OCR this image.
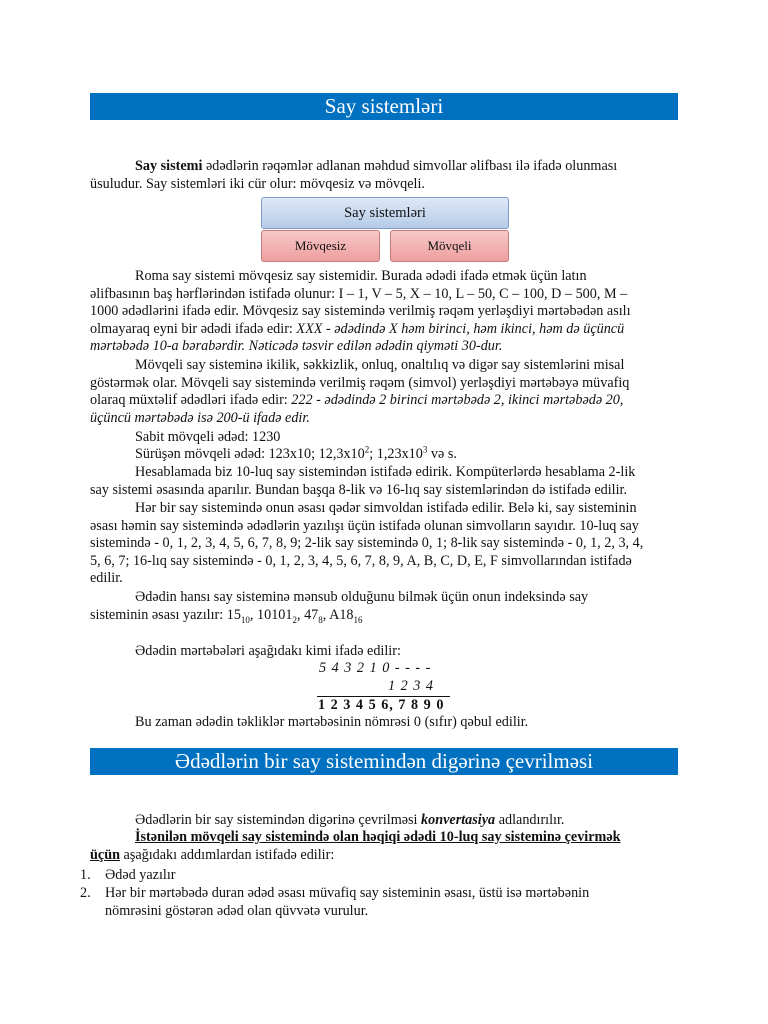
Say sistemləri
Say sistemi ədədlərin rəqəmlər adlanan məhdud simvollar əlifbası ilə ifadə olunması
üsuludur. Say sistemləri iki cür olur: mövqesiz və mövqeli.
Say sistemləri
Mövqesiz	Mövqeli
Roma say sistemi mövqesiz say sistemidir. Burada ədədi ifadə etmək üçün latın
əlifbasının baş hərflərindən istifadə olunur: I – 1, V – 5, X – 10, L – 50, C – 100, D – 500, M –
1000 ədədlərini ifadə edir. Mövqesiz say sistemində verilmiş rəqəm yerləşdiyi mərtəbədən asılı
olmayaraq eyni bir ədədi ifadə edir: XXX - ədədində X həm birinci, həm ikinci, həm də üçüncü
mərtəbədə 10-a bərabərdir. Nəticədə təsvir edilən ədədin qiyməti 30-dur.
Mövqeli say sisteminə ikilik, səkkizlik, onluq, onaltılıq və digər say sistemlərini misal
göstərmək olar. Mövqeli say sistemində verilmiş rəqəm (simvol) yerləşdiyi mərtəbəyə müvafiq
olaraq müxtəlif ədədləri ifadə edir: 222 - ədədində 2 birinci mərtəbədə 2, ikinci mərtəbədə 20,
üçüncü mərtəbədə isə 200-ü ifadə edir.
Sabit mövqeli ədəd: 1230
Sürüşən mövqeli ədəd: 123x10; $12,3x10^2$; $1,23x10^3$ və s.
Hesablamada biz 10-luq say sistemindən istifadə edirik. Kompüterlərdə hesablama 2-lik
say sistemi əsasında aparılır. Bundan başqa 8-lik və 16-lıq say sistemlərindən də istifadə edilir.
Hər bir say sistemində onun əsası qədər simvoldan istifadə edilir. Belə ki, say sisteminin
əsası həmin say sistemində ədədlərin yazılışı üçün istifadə olunan simvolların sayıdır. 10-luq say
sistemində - 0, 1, 2, 3, 4, 5, 6, 7, 8, 9; 2-lik say sistemində 0, 1; 8-lik say sistemində - 0, 1, 2, 3, 4,
5, 6, 7; 16-lıq say sistemində - 0, 1, 2, 3, 4, 5, 6, 7, 8, 9, A, B, C, D, E, F simvollarından istifadə
edilir.
Ədədin hansı say sisteminə mənsub olduğunu bilmək üçün onun indeksində say
sisteminin əsası yazılır: $15_{10}$, $10101_2$, $47_8$, $A18_{16}$
Ədədin mərtəbələri aşağıdakı kimi ifadə edilir:
5 4 3 2 1 0 - - - -
1 2 3 4
1 2 3 4 5 6, 7 8 9 0
Bu zaman ədədin təkliklər mərtəbəsinin nömrəsi 0 (sıfır) qəbul edilir.
Ədədlərin bir say sistemindən digərinə çevrilməsi
Ədədlərin bir say sistemindən digərinə çevrilməsi konvertasiya adlandırılır.
İstənilən mövqeli say sistemində olan həqiqi ədədi 10-luq say sisteminə çevirmək
üçün aşağıdakı addımlardan istifadə edilir:
1. Ədəd yazılır
2. Hər bir mərtəbədə duran ədəd əsası müvafiq say sisteminin əsası, üstü isə mərtəbənin
nömrəsini göstərən ədəd olan qüvvətə vurulur.
